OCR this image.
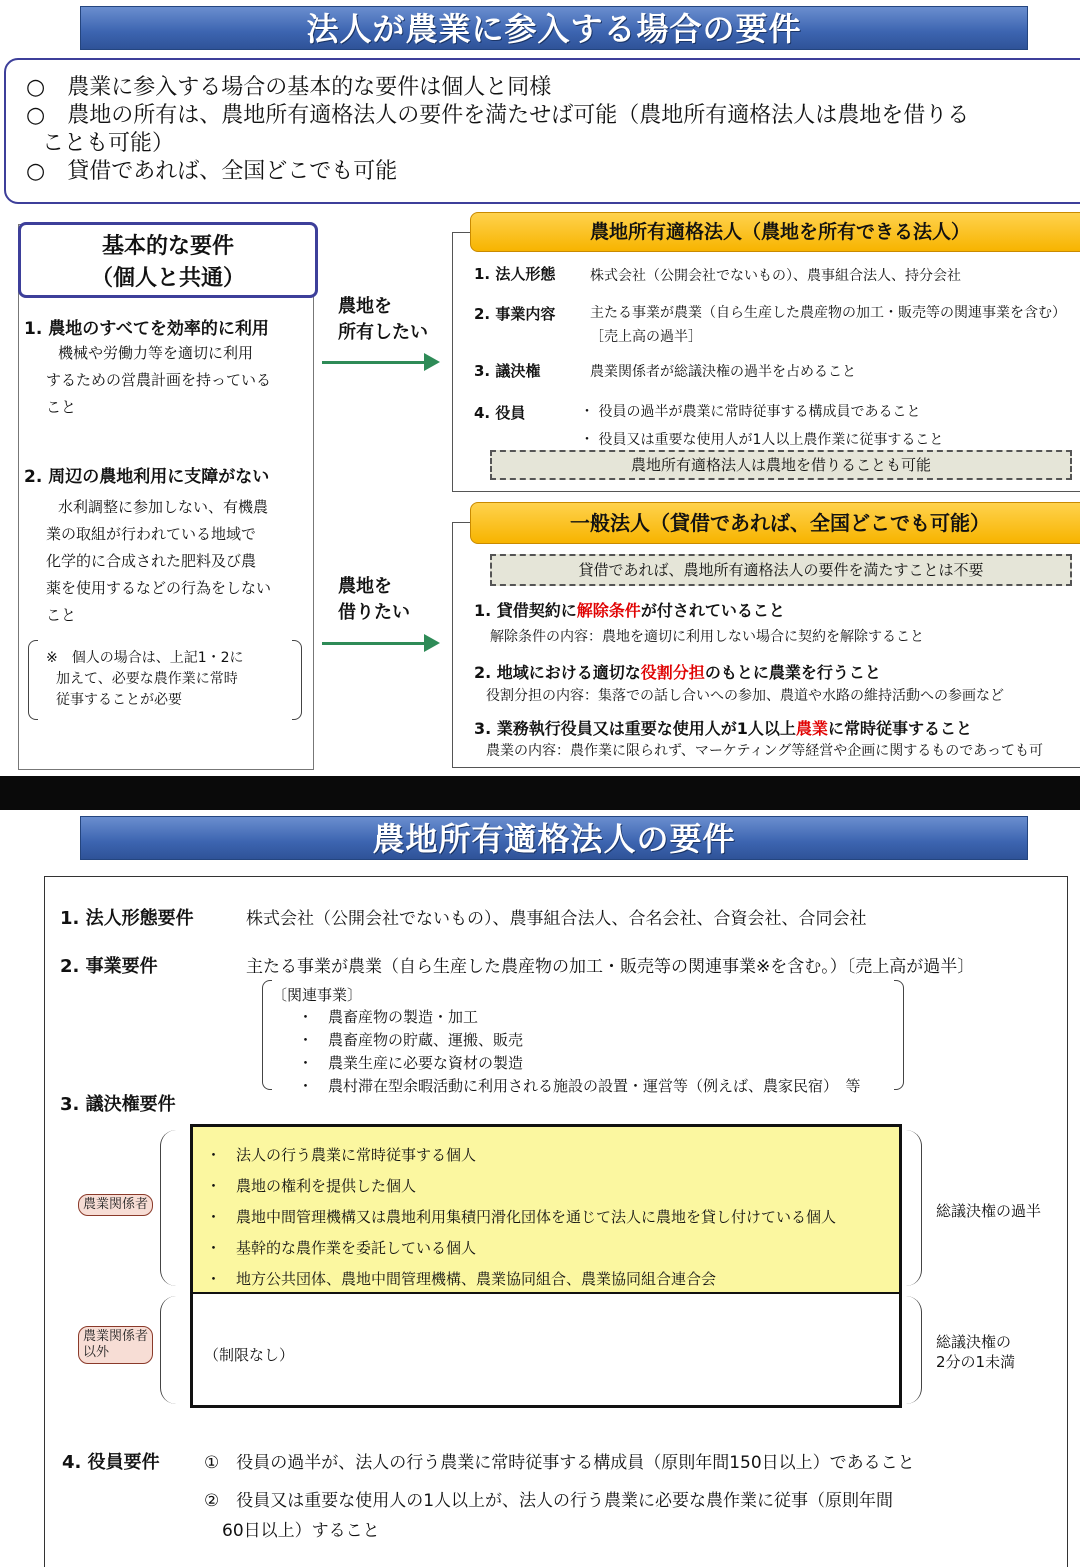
法人が農業に参入する場合の要件
○　農業に参入する場合の基本的な要件は個人と同様
○　農地の所有は、農地所有適格法人の要件を満たせば可能（農地所有適格法人は農地を借りる
ことも可能）
○　貸借であれば、全国どこでも可能
基本的な要件
（個人と共通）
1. 農地のすべてを効率的に利用
機械や労働力等を適切に利用
するための営農計画を持っている
こと
2. 周辺の農地利用に支障がない
水利調整に参加しない、有機農
業の取組が行われている地域で
化学的に合成された肥料及び農
薬を使用するなどの行為をしない
こと
※　個人の場合は、上記1・2に
加えて、必要な農作業に常時
従事することが必要
農地を
所有したい
農地を
借りたい
農地所有適格法人（農地を所有できる法人）
1. 法人形態 株式会社（公開会社でないもの）、農事組合法人、持分会社
2. 事業内容 主たる事業が農業（自ら生産した農産物の加工・販売等の関連事業を含む）
［売上高の過半］
3. 議決権	農業関係者が総議決権の過半を占めること
4. 役員	・ 役員の過半が農業に常時従事する構成員であること
・ 役員又は重要な使用人が1人以上農作業に従事すること
農地所有適格法人は農地を借りることも可能
一般法人（貸借であれば、全国どこでも可能）
貸借であれば、農地所有適格法人の要件を満たすことは不要
1. 貸借契約に解除条件が付されていること
解除条件の内容：農地を適切に利用しない場合に契約を解除すること
2. 地域における適切な役割分担のもとに農業を行うこと
役割分担の内容：集落での話し合いへの参加、農道や水路の維持活動への参画など
3. 業務執行役員又は重要な使用人が1人以上農業に常時従事すること
農業の内容：農作業に限られず、マーケティング等経営や企画に関するものであっても可
農地所有適格法人の要件
1. 法人形態要件	株式会社（公開会社でないもの）、農事組合法人、合名会社、合資会社、合同会社
2. 事業要件	主たる事業が農業（自ら生産した農産物の加工・販売等の関連事業※を含む。）〔売上高が過半〕
〔関連事業〕
・　農畜産物の製造・加工
・　農畜産物の貯蔵、運搬、販売
・　農業生産に必要な資材の製造
・　農村滞在型余暇活動に利用される施設の設置・運営等（例えば、農家民宿）　等
3. 議決権要件
・　法人の行う農業に常時従事する個人
・　農地の権利を提供した個人
・　農地中間管理機構又は農地利用集積円滑化団体を通じて法人に農地を貸し付けている個人
・　基幹的な農作業を委託している個人
・　地方公共団体、農地中間管理機構、農業協同組合、農業協同組合連合会
（制限なし）
農業関係者
農業関係者
以外
総議決権の過半
総議決権の
2分の1未満
4. 役員要件	①　役員の過半が、法人の行う農業に常時従事する構成員（原則年間150日以上）であること
②　役員又は重要な使用人の1人以上が、法人の行う農業に必要な農作業に従事（原則年間
60日以上）すること
